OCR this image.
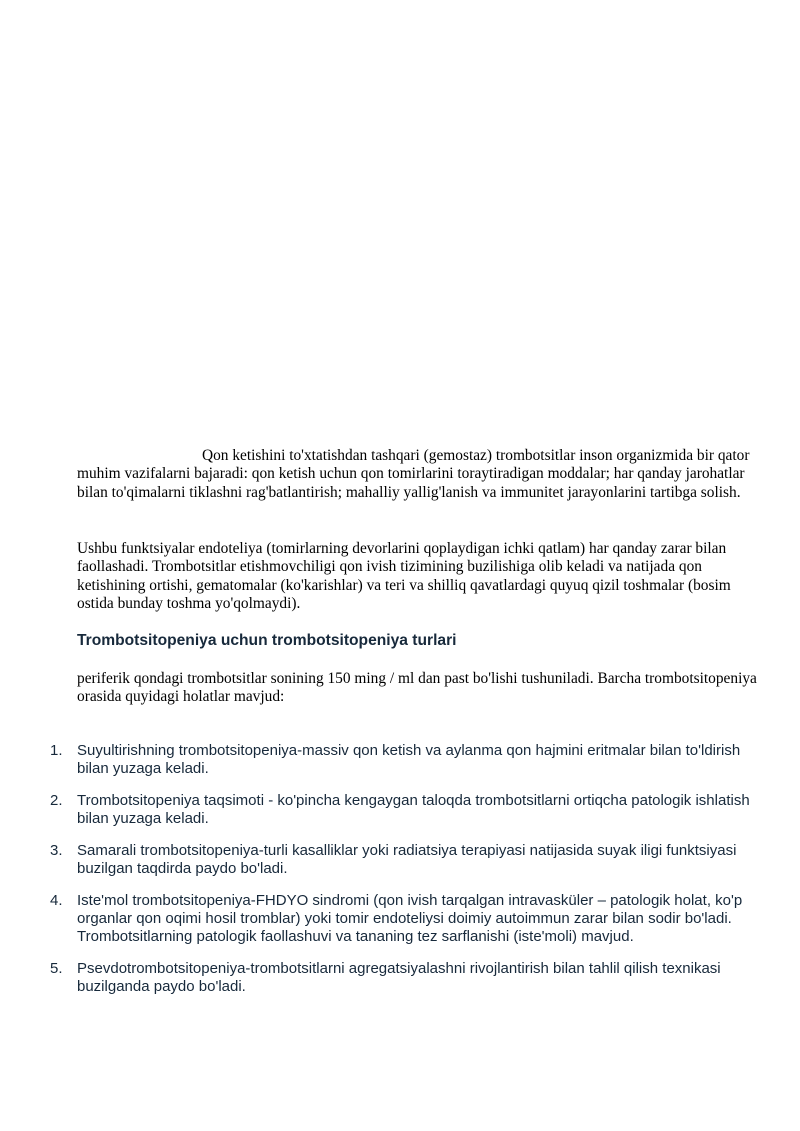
Qon ketishini to'xtatishdan tashqari (gemostaz) trombotsitlar inson organizmida bir qator muhim vazifalarni bajaradi: qon ketish uchun qon tomirlarini toraytiradigan moddalar; har qanday jarohatlar bilan to'qimalarni tiklashni rag'batlantirish; mahalliy yallig'lanish va immunitet jarayonlarini tartibga solish.

Ushbu funktsiyalar endoteliya (tomirlarning devorlarini qoplaydigan ichki qatlam) har qanday zarar bilan faollashadi. Trombotsitlar etishmovchiligi qon ivish tizimining buzilishiga olib keladi va natijada qon ketishining ortishi, gematomalar (ko'karishlar) va teri va shilliq qavatlardagi quyuq qizil toshmalar (bosim ostida bunday toshma yo'qolmaydi).

Trombotsitopeniya uchun trombotsitopeniya turlari

periferik qondagi trombotsitlar sonining 150 ming / ml dan past bo'lishi tushuniladi. Barcha trombotsitopeniya orasida quyidagi holatlar mavjud:

1. Suyultirishning trombotsitopeniya-massiv qon ketish va aylanma qon hajmini eritmalar bilan to'ldirish bilan yuzaga keladi.
2. Trombotsitopeniya taqsimoti - ko'pincha kengaygan taloqda trombotsitlarni ortiqcha patologik ishlatish bilan yuzaga keladi.
3. Samarali trombotsitopeniya-turli kasalliklar yoki radiatsiya terapiyasi natijasida suyak iligi funktsiyasi buzilgan taqdirda paydo bo'ladi.
4. Iste'mol trombotsitopeniya-FHDYO sindromi (qon ivish tarqalgan intravasküler – patologik holat, ko'p organlar qon oqimi hosil tromblar) yoki tomir endoteliysi doimiy autoimmun zarar bilan sodir bo'ladi. Trombotsitlarning patologik faollashuvi va tananing tez sarflanishi (iste'moli) mavjud.
5. Psevdotrombotsitopeniya-trombotsitlarni agregatsiyalashni rivojlantirish bilan tahlil qilish texnikasi buzilganda paydo bo'ladi.
